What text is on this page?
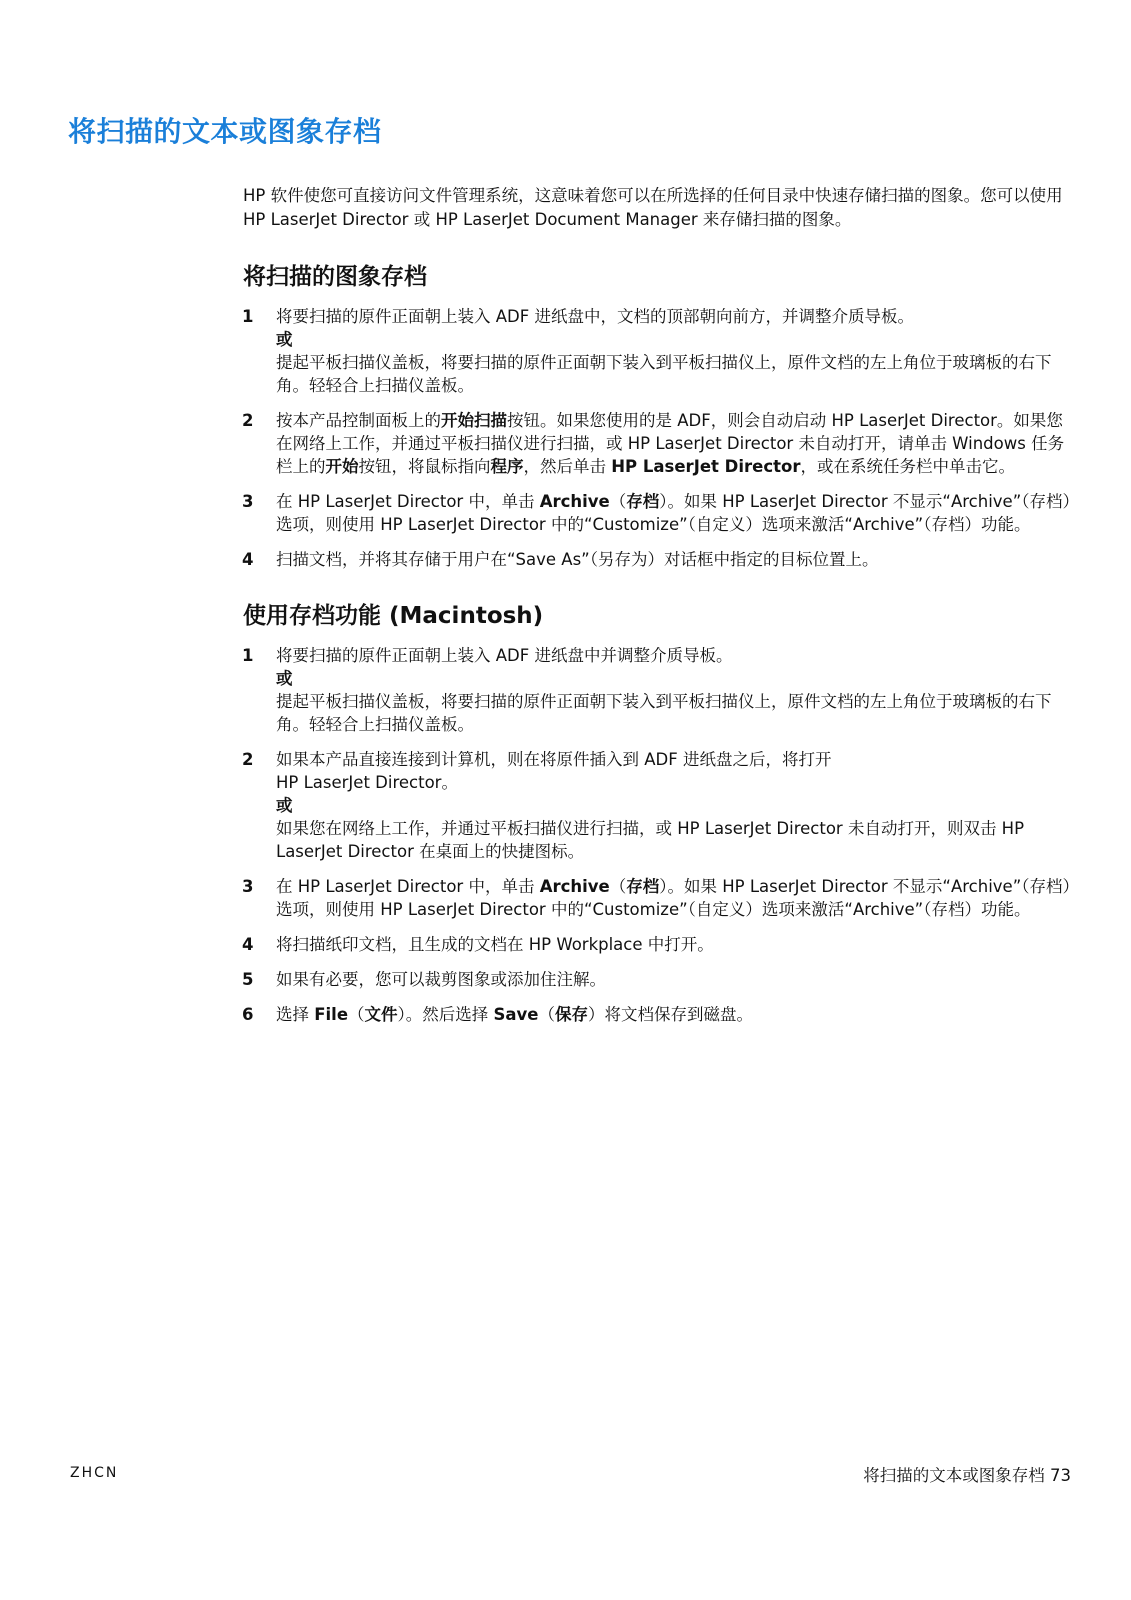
将扫描的文本或图象存档

HP 软件使您可直接访问文件管理系统，这意味着您可以在所选择的任何目录中快速存储扫描的图象。您可以使用 HP LaserJet Director 或 HP LaserJet Document Manager 来存储扫描的图象。

将扫描的图象存档
1	将要扫描的原件正面朝上装入 ADF 进纸盘中，文档的顶部朝向前方，并调整介质导板。

或

提起平板扫描仪盖板，将要扫描的原件正面朝下装入到平板扫描仪上，原件文档的左上角位于玻璃板的右下角。轻轻合上扫描仪盖板。

2	按本产品控制面板上的开始扫描按钮。如果您使用的是 ADF，则会自动启动 HP LaserJet Director。如果您在网络上工作，并通过平板扫描仪进行扫描，或 HP LaserJet Director 未自动打开，请单击 Windows 任务栏上的开始按钮，将鼠标指向程序，然后单击 HP LaserJet Director，或在系统任务栏中单击它。

3	在 HP LaserJet Director 中，单击 Archive（存档）。如果 HP LaserJet Director 不显示“Archive”（存档）选项，则使用 HP LaserJet Director 中的“Customize”（自定义）选项来激活“Archive”（存档）功能。

4	扫描文档，并将其存储于用户在“Save As”（另存为）对话框中指定的目标位置上。

使用存档功能 (Macintosh)
1	将要扫描的原件正面朝上装入 ADF 进纸盘中并调整介质导板。

或

提起平板扫描仪盖板，将要扫描的原件正面朝下装入到平板扫描仪上，原件文档的左上角位于玻璃板的右下角。轻轻合上扫描仪盖板。

2	如果本产品直接连接到计算机，则在将原件插入到 ADF 进纸盘之后，将打开

HP LaserJet Director。

或

如果您在网络上工作，并通过平板扫描仪进行扫描，或 HP LaserJet Director 未自动打开，则双击 HP LaserJet Director 在桌面上的快捷图标。

3	在 HP LaserJet Director 中，单击 Archive（存档）。如果 HP LaserJet Director 不显示“Archive”（存档）选项，则使用 HP LaserJet Director 中的“Customize”（自定义）选项来激活“Archive”（存档）功能。

4	将扫描纸印文档，且生成的文档在 HP Workplace 中打开。

5	如果有必要，您可以裁剪图象或添加住注解。

6	选择 File（文件）。然后选择 Save（保存）将文档保存到磁盘。

ZHCN	将扫描的文本或图象存档 73
